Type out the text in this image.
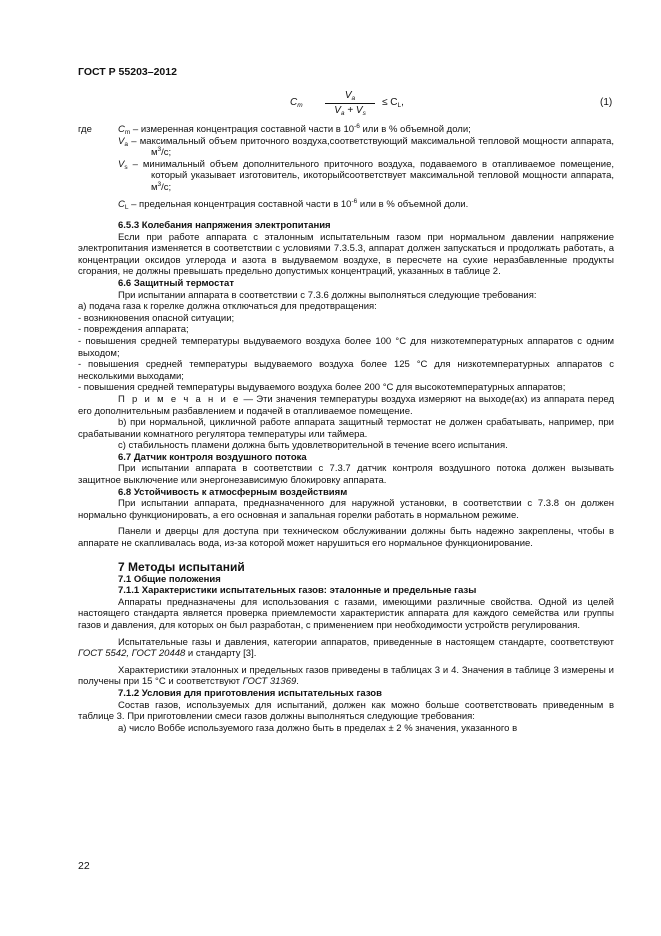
ГОСТ Р 55203–2012
$C_m$
$V_a$
$V_a + V_s$
≤ $C_L$,	(1)
где	$C_m$ – измеренная концентрация составной части в $10^{-6}$ или в % объемной доли;
$V_a$ – максимальный объем приточного воздуха,соответствующий максимальной тепловой мощности аппарата, $м^3/с$;
$V_s$ – минимальный объем дополнительного приточного воздуха, подаваемого в отапливаемое помещение, который указывает изготовитель, икоторыйсоответствует максимальной тепловой мощности аппарата, $м^3/с$;
$C_L$ – предельная концентрация составной части в $10^{-6}$ или в % объемной доли.

6.5.3 Колебания напряжения электропитания

Если при работе аппарата с эталонным испытательным газом при нормальном давлении напряжение электропитания изменяется в соответствии с условиями 7.3.5.3, аппарат должен запускаться и продолжать работать, а концентрации оксидов углерода и азота в выдуваемом воздухе, в пересчете на сухие неразбавленные продукты сгорания, не должны превышать предельно допустимых концентраций, указанных в таблице 2.

6.6 Защитный термостат

При испытании аппарата в соответствии с 7.3.6 должны выполняться следующие требования:

а) подача газа к горелке должна отключаться для предотвращения:

- возникновения опасной ситуации;

- повреждения аппарата;

- повышения средней температуры выдуваемого воздуха более 100 °С для низкотемпературных аппаратов с одним выходом;

- повышения средней температуры выдуваемого воздуха более 125 °С для низкотемпературных аппаратов с несколькими выходами;

- повышения средней температуры выдуваемого воздуха более 200 °С для высокотемпературных аппаратов;

П р и м е ч а н и е — Эти значения температуры воздуха измеряют на выходе(ах) из аппарата перед его дополнительным разбавлением и подачей в отапливаемое помещение.

b) при нормальной, цикличной работе аппарата защитный термостат не должен срабатывать, например, при срабатывании комнатного регулятора температуры или таймера.

с) стабильность пламени должна быть удовлетворительной в течение всего испытания.

6.7 Датчик контроля воздушного потока

При испытании аппарата в соответствии с 7.3.7 датчик контроля воздушного потока должен вызывать защитное выключение или энергонезависимую блокировку аппарата.

6.8 Устойчивость к атмосферным воздействиям

При испытании аппарата, предназначенного для наружной установки, в соответствии с 7.3.8 он должен нормально функционировать, а его основная и запальная горелки работать в нормальном режиме.

Панели и дверцы для доступа при техническом обслуживании должны быть надежно закреплены, чтобы в аппарате не скапливалась вода, из-за которой может нарушиться его нормальное функционирование.

7 Методы испытаний

7.1 Общие положения

7.1.1 Характеристики испытательных газов: эталонные и предельные газы

Аппараты предназначены для использования с газами, имеющими различные свойства. Одной из целей настоящего стандарта является проверка приемлемости характеристик аппарата для каждого семейства или группы газов и давления, для которых он был разработан, с применением при необходимости устройств регулирования.

Испытательные газы и давления, категории аппаратов, приведенные в настоящем стандарте, соответствуют ГОСТ 5542, ГОСТ 20448 и стандарту [3].

Характеристики эталонных и предельных газов приведены в таблицах 3 и 4. Значения в таблице 3 измерены и получены при 15 °С и соответствуют ГОСТ 31369.

7.1.2 Условия для приготовления испытательных газов

Состав газов, используемых для испытаний, должен как можно больше соответствовать приведенным в таблице 3. При приготовлении смеси газов должны выполняться следующие требования:

а) число Воббе используемого газа должно быть в пределах ± 2 % значения, указанного в

22
